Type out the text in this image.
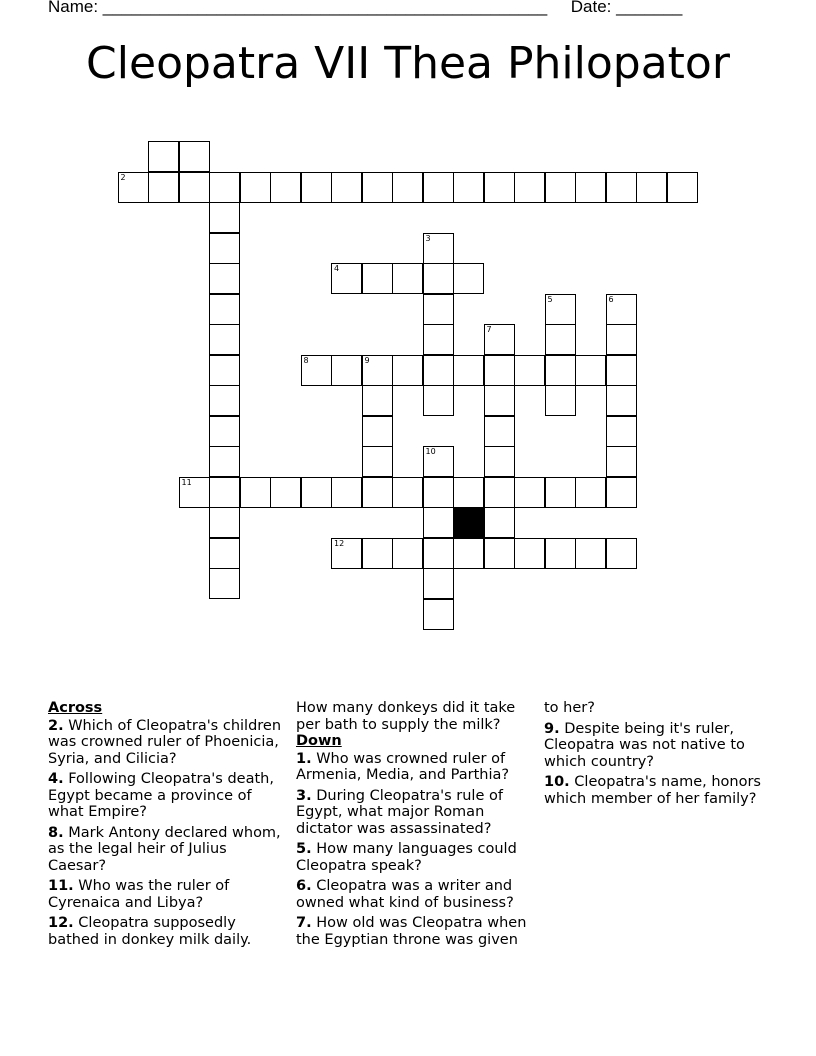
Name: _______________________________________________     Date: _______
Cleopatra VII Thea Philopator
2
3
4
5	6
7
8	9
10
11
12
Across
2. Which of Cleopatra's children was crowned ruler of Phoenicia, Syria, and Cilicia?
4. Following Cleopatra's death, Egypt became a province of what Empire?
8. Mark Antony declared whom, as the legal heir of Julius Caesar?
11. Who was the ruler of Cyrenaica and Libya?
12. Cleopatra supposedly bathed in donkey milk daily. How many donkeys did it take per bath to supply the milk?
Down
1. Who was crowned ruler of Armenia, Media, and Parthia?
3. During Cleopatra's rule of Egypt, what major Roman dictator was assassinated?
5. How many languages could Cleopatra speak?
6. Cleopatra was a writer and owned what kind of business?
7. How old was Cleopatra when the Egyptian throne was given to her?
9. Despite being it's ruler, Cleopatra was not native to which country?
10. Cleopatra's name, honors which member of her family?
